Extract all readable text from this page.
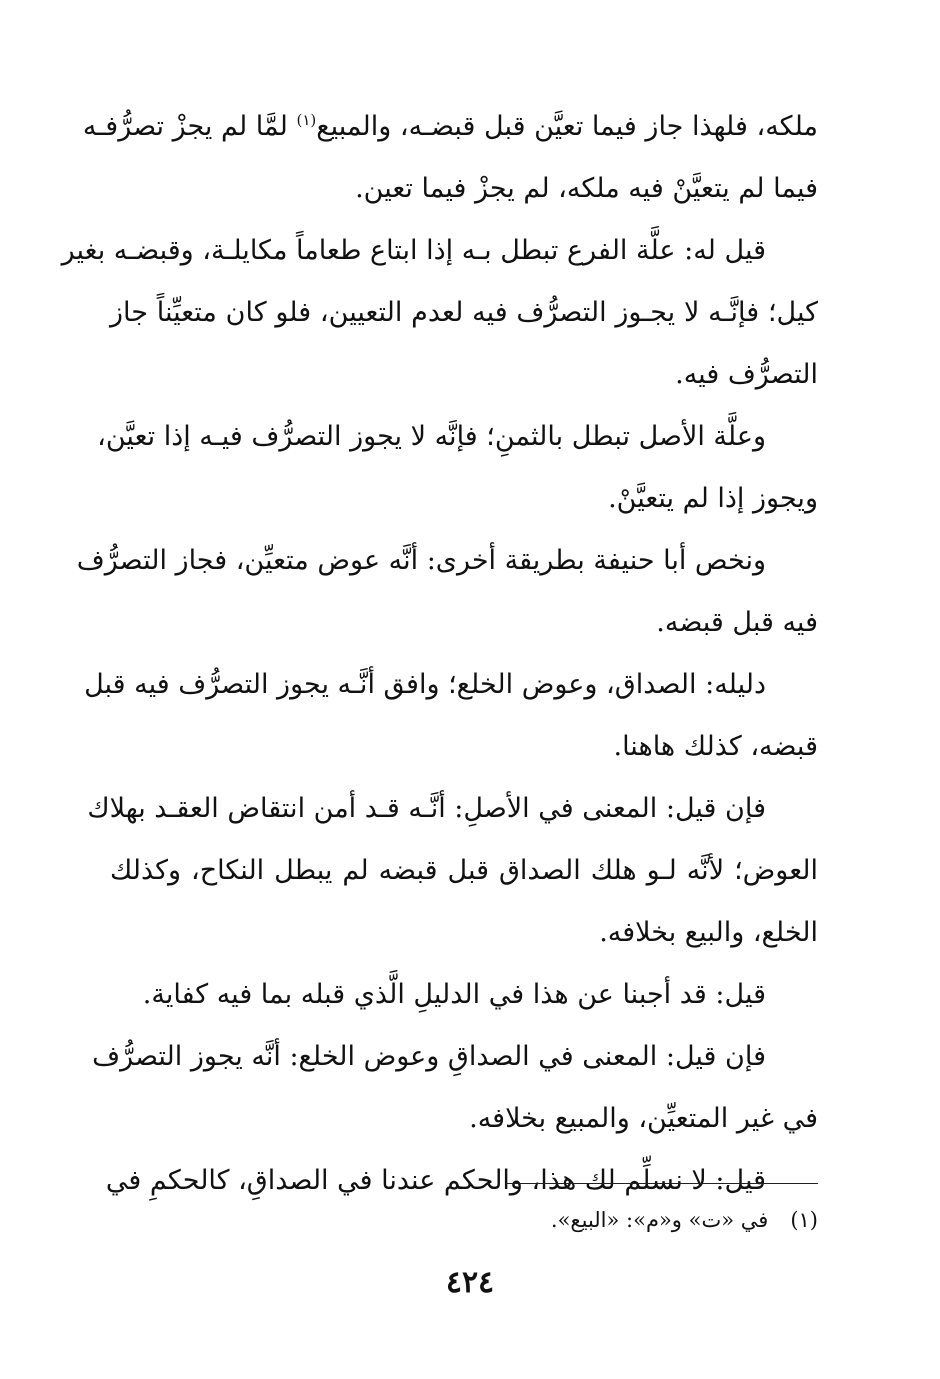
ملكه، فلهذا جاز فيما تعيَّن قبل قبضـه، والمبيع$^{(١)}$ لمَّا لم يجزْ تصرُّفـه
فيما لم يتعيَّنْ فيه ملكه، لم يجزْ فيما تعين.
قيل له: علَّة الفرع تبطل بـه إذا ابتاع طعاماً مكايلـة، وقبضـه بغير
كيل؛ فإنَّـه لا يجـوز التصرُّف فيه لعدم التعيين، فلو كان متعيِّناً جاز
التصرُّف فيه.
وعلَّة الأصل تبطل بالثمنِ؛ فإنَّه لا يجوز التصرُّف فيـه إذا تعيَّن،
ويجوز إذا لم يتعيَّنْ.
ونخص أبا حنيفة بطريقة أخرى: أنَّه عوض متعيِّن، فجاز التصرُّف
فيه قبل قبضه.
دليله: الصداق، وعوض الخلع؛ وافق أنَّـه يجوز التصرُّف فيه قبل
قبضه، كذلك هاهنا.
فإن قيل: المعنى في الأصلِ: أنَّـه قـد أمن انتقاض العقـد بهلاك
العوض؛ لأنَّه لـو هلك الصداق قبل قبضه لم يبطل النكاح، وكذلك
الخلع، والبيع بخلافه.
قيل: قد أجبنا عن هذا في الدليلِ الَّذي قبله بما فيه كفاية.
فإن قيل: المعنى في الصداقِ وعوض الخلع: أنَّه يجوز التصرُّف
في غير المتعيِّن، والمبيع بخلافه.
قيل: لا نسلِّم لك هذا، والحكم عندنا في الصداقِ، كالحكمِ في
(١)في «ت» و«م»: «البيع».
٤٢٤
